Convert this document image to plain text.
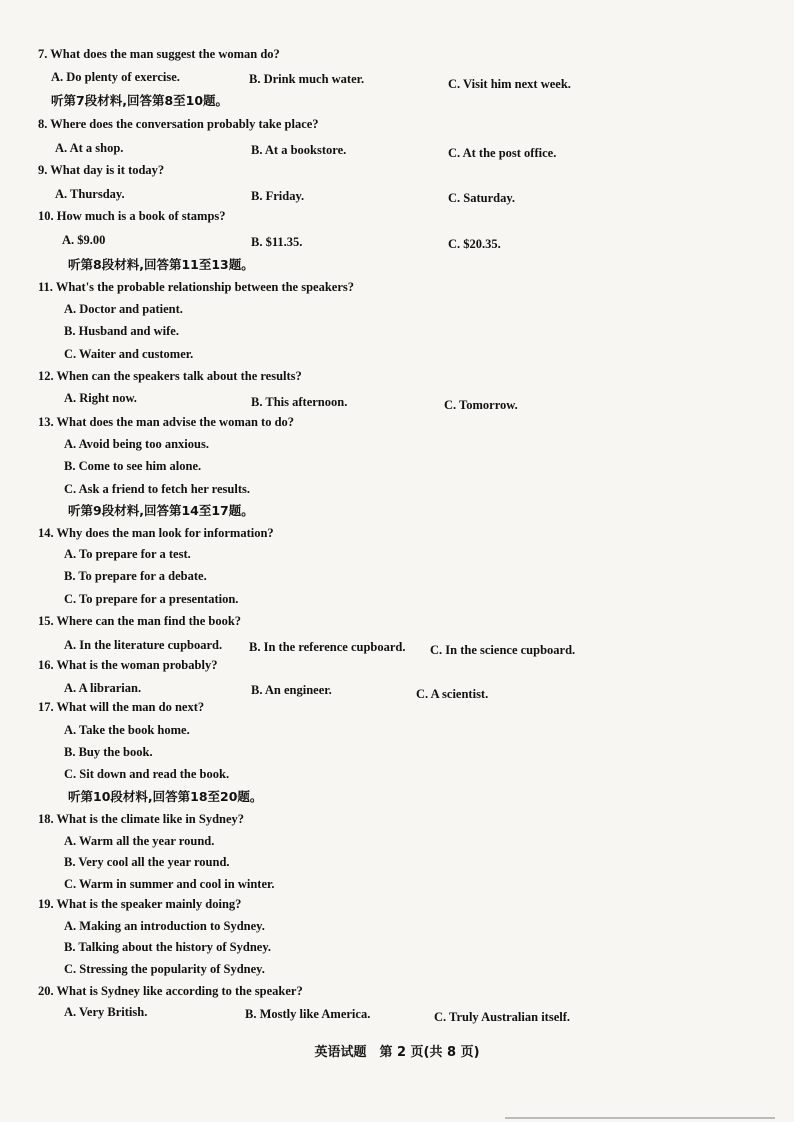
7. What does the man suggest the woman do?
A. Do plenty of exercise.	B. Drink much water.	C. Visit him next week.
听第7段材料,回答第8至10题。
8. Where does the conversation probably take place?
A. At a shop.	B. At a bookstore.	C. At the post office.
9. What day is it today?
A. Thursday.	B. Friday.	C. Saturday.
10. How much is a book of stamps?
A. $9.00	B. $11.35.	C. $20.35.
听第8段材料,回答第11至13题。
11. What's the probable relationship between the speakers?
A. Doctor and patient.
B. Husband and wife.
C. Waiter and customer.
12. When can the speakers talk about the results?
A. Right now.	B. This afternoon.	C. Tomorrow.
13. What does the man advise the woman to do?
A. Avoid being too anxious.
B. Come to see him alone.
C. Ask a friend to fetch her results.
听第9段材料,回答第14至17题。
14. Why does the man look for information?
A. To prepare for a test.
B. To prepare for a debate.
C. To prepare for a presentation.
15. Where can the man find the book?
A. In the literature cupboard. B. In the reference cupboard. C. In the science cupboard.
16. What is the woman probably?
A. A librarian.	B. An engineer.	C. A scientist.
17. What will the man do next?
A. Take the book home.
B. Buy the book.
C. Sit down and read the book.
听第10段材料,回答第18至20题。
18. What is the climate like in Sydney?
A. Warm all the year round.
B. Very cool all the year round.
C. Warm in summer and cool in winter.
19. What is the speaker mainly doing?
A. Making an introduction to Sydney.
B. Talking about the history of Sydney.
C. Stressing the popularity of Sydney.
20. What is Sydney like according to the speaker?
A. Very British.	B. Mostly like America.	C. Truly Australian itself.
英语试题　第 2 页(共 8 页)
